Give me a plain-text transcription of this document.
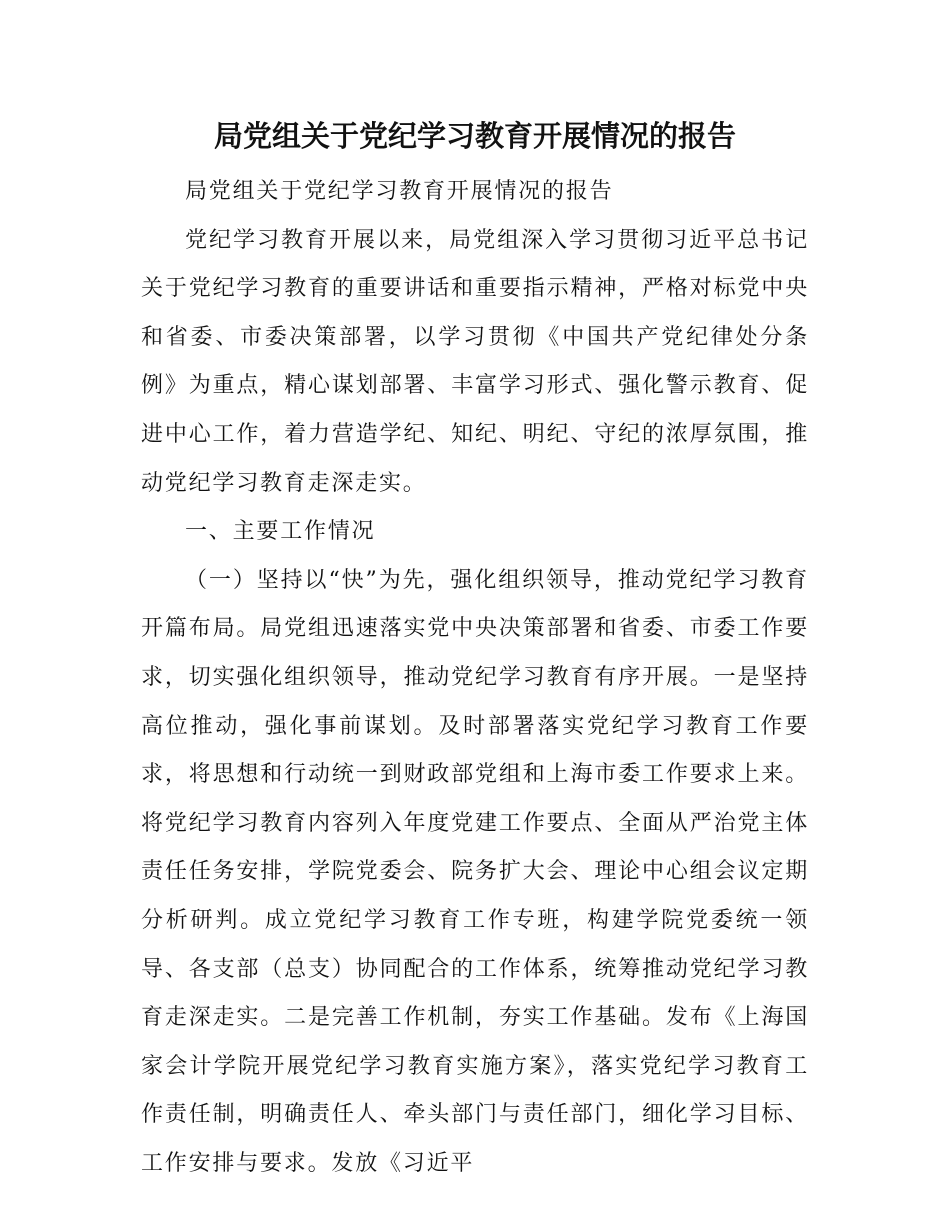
局党组关于党纪学习教育开展情况的报告

局党组关于党纪学习教育开展情况的报告

党纪学习教育开展以来，局党组深入学习贯彻习近平总书记关于党纪学习教育的重要讲话和重要指示精神，严格对标党中央和省委、市委决策部署，以学习贯彻《中国共产党纪律处分条例》为重点，精心谋划部署、丰富学习形式、强化警示教育、促进中心工作，着力营造学纪、知纪、明纪、守纪的浓厚氛围，推动党纪学习教育走深走实。

一、主要工作情况

（一）坚持以“快”为先，强化组织领导，推动党纪学习教育开篇布局。局党组迅速落实党中央决策部署和省委、市委工作要求，切实强化组织领导，推动党纪学习教育有序开展。一是坚持高位推动，强化事前谋划。及时部署落实党纪学习教育工作要求，将思想和行动统一到财政部党组和上海市委工作要求上来。将党纪学习教育内容列入年度党建工作要点、全面从严治党主体责任任务安排，学院党委会、院务扩大会、理论中心组会议定期分析研判。成立党纪学习教育工作专班，构建学院党委统一领导、各支部（总支）协同配合的工作体系，统筹推动党纪学习教育走深走实。二是完善工作机制，夯实工作基础。发布《上海国家会计学院开展党纪学习教育实施方案》，落实党纪学习教育工作责任制，明确责任人、牵头部门与责任部门，细化学习目标、工作安排与要求。发放《习近平
